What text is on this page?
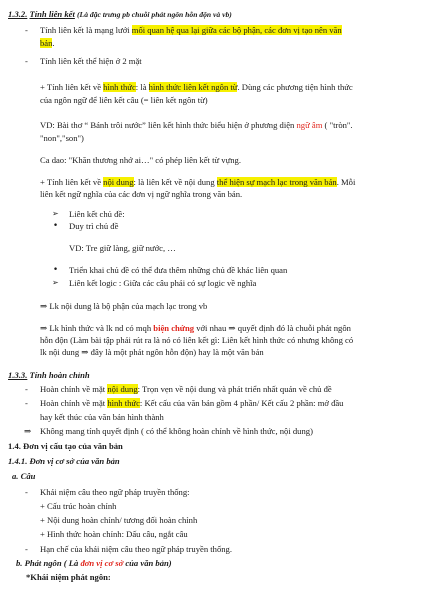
1.3.2. Tính liên kết (Là đặc trưng pb chuỗi phát ngôn hỗn độn và vb)
- Tính liên kết là mạng lưới mối quan hệ qua lại giữa các bộ phận, các đơn vị tạo nên văn
bản.
- Tính liên kết thể hiện ở 2 mặt
+ Tính liên kết về hình thức: là hình thức liên kết ngôn từ. Dùng các phương tiện hình thức
của ngôn ngữ để liên kết câu (= liên kết ngôn từ)
VD: Bài thơ “ Bánh trôi nước” liên kết hình thức biểu hiện ở phương diện ngữ âm ( "tròn".
"non","son")
Ca dao: "Khăn thương nhớ ai…" có phép liên kết từ vựng.
+ Tính liên kết về nội dung: là liên kết về nội dung thể hiện sự mạch lạc trong văn bản. Mỗi
liên kết ngữ nghĩa của các đơn vị ngữ nghĩa trong văn bản.
➢ Liên kết chủ đề:
• Duy trì chủ đề
VD: Tre giữ làng, giữ nước, …
• Triển khai chủ đề có thể đưa thêm những chủ đề khác liên quan
➢ Liên kết logic : Giữa các câu phải có sự logic về nghĩa
⇒ Lk nội dung là bộ phận của mạch lạc trong vb
⇒ Lk hình thức và lk nd có mqh biện chứng với nhau ⇒ quyết định đó là chuỗi phát ngôn
hỗn độn (Làm bài tập phải rút ra là nó có liên kết gì: Liên kết hình thức có nhưng không có
lk nội dung ⇒ đây là một phát ngôn hỗn độn) hay là một văn bản
1.3.3. Tính hoàn chỉnh
- Hoàn chỉnh về mặt nội dung: Trọn vẹn về nội dung và phát triển nhất quán về chủ đề
- Hoàn chỉnh về mặt hình thức: Kết cấu của văn bản gồm 4 phần/ Kết cấu 2 phần: mở đầu
hay kết thúc của văn bản hình thành
⇒ Không mang tính quyết định ( có thể không hoàn chỉnh về hình thức, nội dung)
1.4. Đơn vị cấu tạo của văn bản
1.4.1. Đơn vị cơ sở của văn bản
a. Câu
- Khái niệm câu theo ngữ pháp truyền thống:
+ Cấu trúc hoàn chỉnh
+ Nội dung hoàn chỉnh/ tương đối hoàn chỉnh
+ Hình thức hoàn chỉnh: Dấu câu, ngắt câu
- Hạn chế của khái niệm câu theo ngữ pháp truyền thống.
b. Phát ngôn ( Là đơn vị cơ sở của văn bản)
*Khái niệm phát ngôn:
